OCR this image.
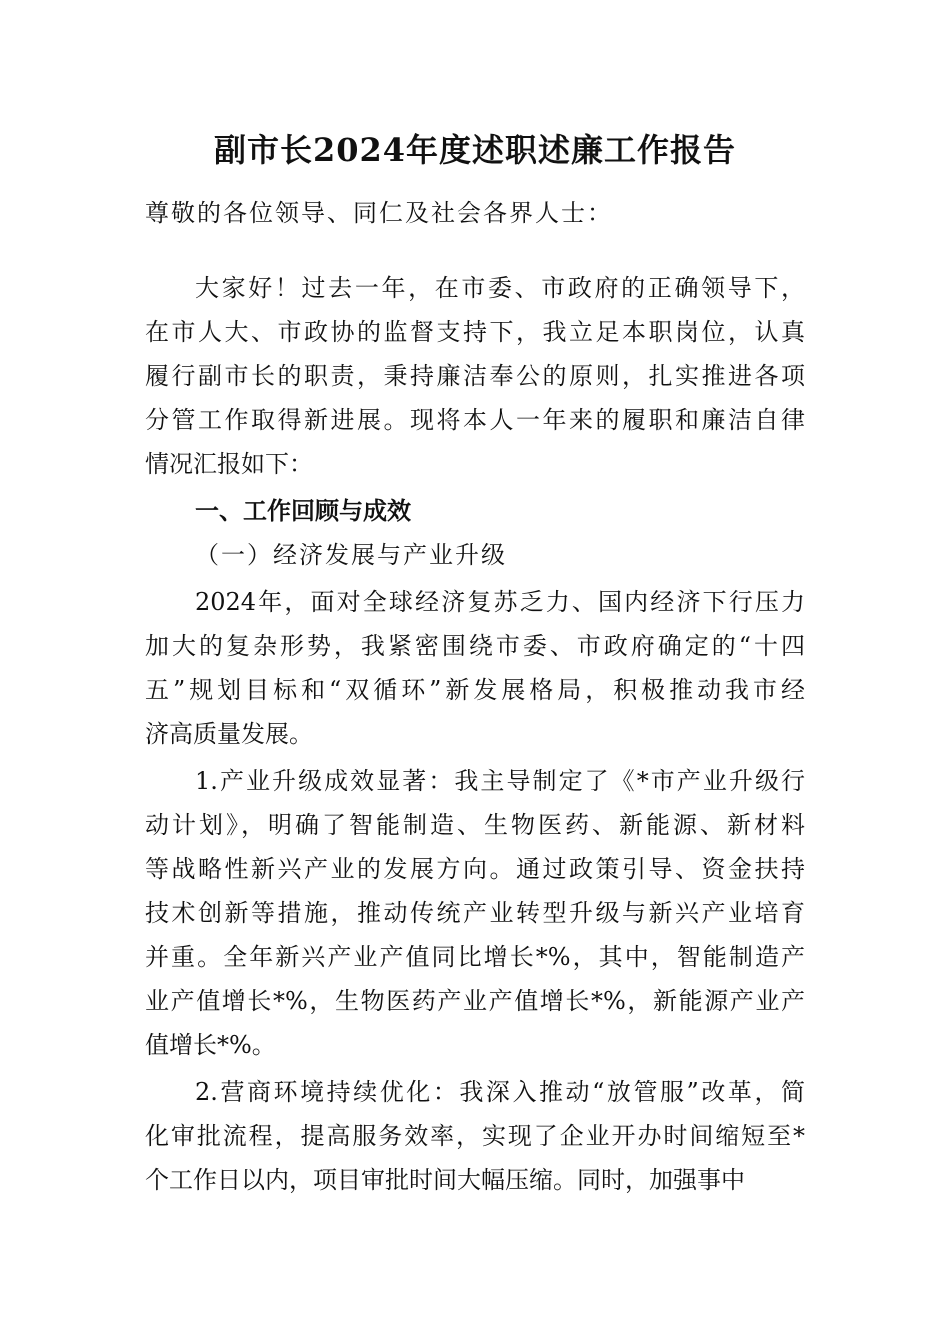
副市长2024年度述职述廉工作报告
尊敬的各位领导、同仁及社会各界人士：
大家好！过去一年，在市委、市政府的正确领导下，
在市人大、市政协的监督支持下，我立足本职岗位，认真
履行副市长的职责，秉持廉洁奉公的原则，扎实推进各项
分管工作取得新进展。现将本人一年来的履职和廉洁自律
情况汇报如下：
一、工作回顾与成效
（一）经济发展与产业升级
2024年，面对全球经济复苏乏力、国内经济下行压力
加大的复杂形势，我紧密围绕市委、市政府确定的“十四
五”规划目标和“双循环”新发展格局，积极推动我市经
济高质量发展。
1.产业升级成效显著：我主导制定了《*市产业升级行
动计划》，明确了智能制造、生物医药、新能源、新材料
等战略性新兴产业的发展方向。通过政策引导、资金扶持
技术创新等措施，推动传统产业转型升级与新兴产业培育
并重。全年新兴产业产值同比增长*%，其中，智能制造产
业产值增长*%，生物医药产业产值增长*%，新能源产业产
值增长*%。
2.营商环境持续优化：我深入推动“放管服”改革，简
化审批流程，提高服务效率，实现了企业开办时间缩短至*
个工作日以内，项目审批时间大幅压缩。同时，加强事中
